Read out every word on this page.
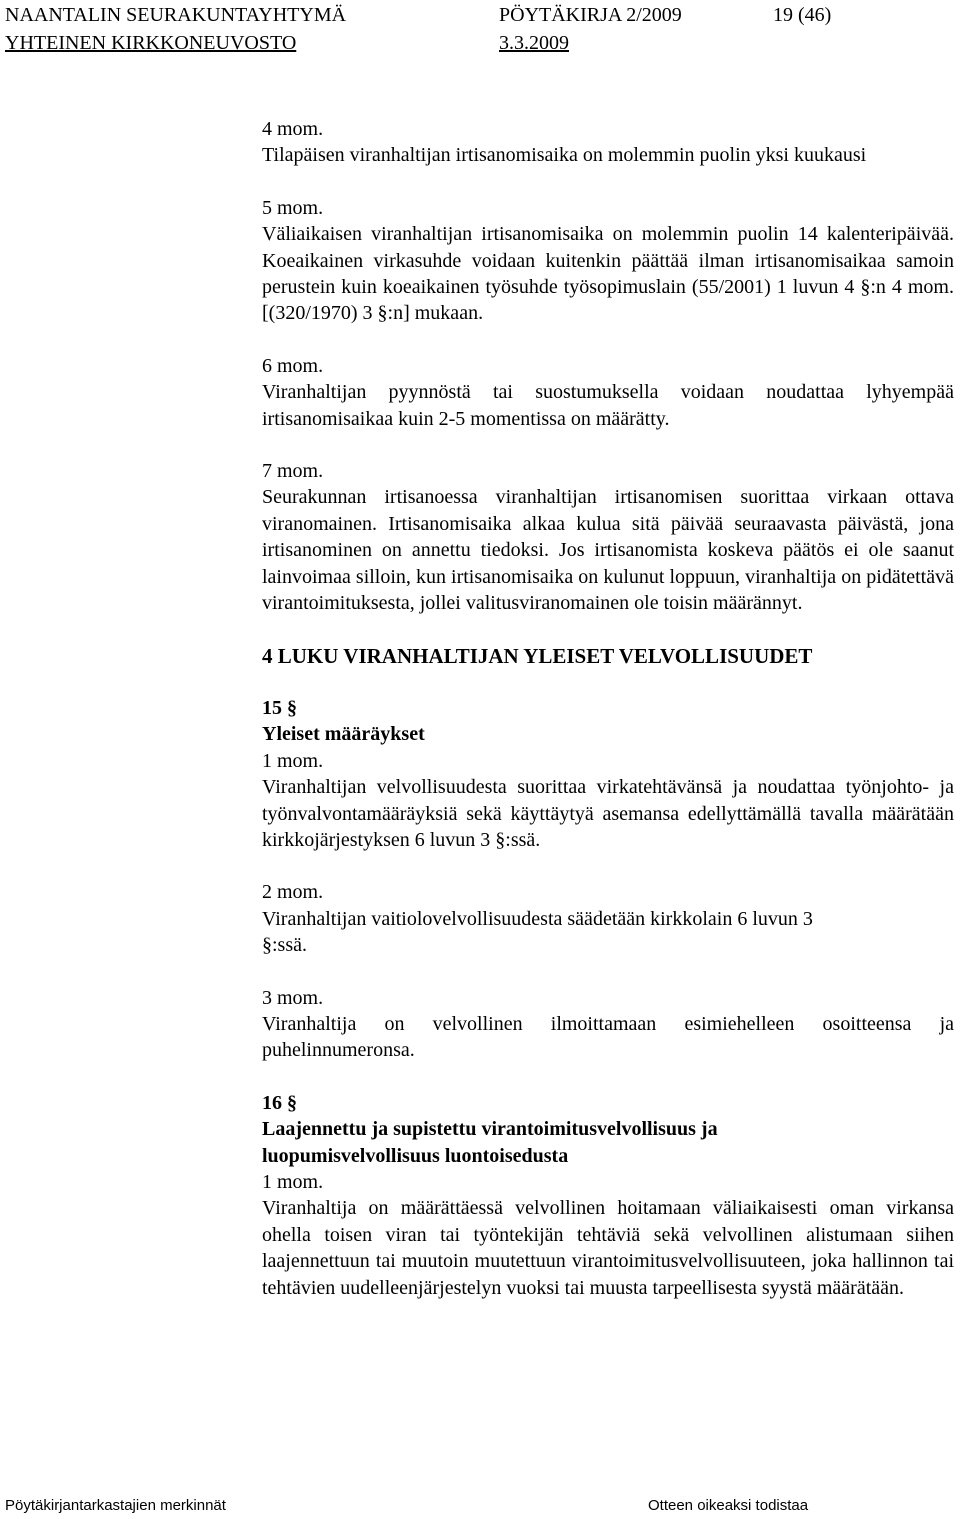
NAANTALIN SEURAKUNTAYHTYMÄ	PÖYTÄKIRJA 2/2009	19 (46)
YHTEINEN KIRKKONEUVOSTO	3.3.2009

4 mom.

Tilapäisen viranhaltijan irtisanomisaika on molemmin puolin yksi kuukausi

5 mom.

Väliaikaisen viranhaltijan irtisanomisaika on molemmin puolin 14 kalenteripäivää. Koeaikainen virkasuhde voidaan kuitenkin päättää ilman irtisanomisaikaa samoin perustein kuin koeaikainen työsuhde työsopimuslain (55/2001) 1 luvun 4 §:n 4 mom. [(320/1970) 3 §:n] mukaan.

6 mom.

Viranhaltijan pyynnöstä tai suostumuksella voidaan noudattaa lyhyempää irtisanomisaikaa kuin 2-5 momentissa on määrätty.

7 mom.

Seurakunnan irtisanoessa viranhaltijan irtisanomisen suorittaa virkaan ottava viranomainen. Irtisanomisaika alkaa kulua sitä päivää seuraavasta päivästä, jona irtisanominen on annettu tiedoksi. Jos irtisanomista koskeva päätös ei ole saanut lainvoimaa silloin, kun irtisanomisaika on kulunut loppuun, viranhaltija on pidätettävä virantoimituksesta, jollei valitusviranomainen ole toisin määrännyt.

4 LUKU VIRANHALTIJAN YLEISET VELVOLLISUUDET

15 §

Yleiset määräykset

1 mom.

Viranhaltijan velvollisuudesta suorittaa virkatehtävänsä ja noudattaa työnjohto- ja työnvalvontamääräyksiä sekä käyttäytyä asemansa edellyttämällä tavalla määrätään kirkkojärjestyksen 6 luvun 3 §:ssä.

2 mom.

Viranhaltijan vaitiolovelvollisuudesta säädetään kirkkolain 6 luvun 3 §:ssä.

3 mom.

Viranhaltija on velvollinen ilmoittamaan esimiehelleen osoitteensa ja puhelinnumeronsa.

16 §

Laajennettu ja supistettu virantoimitusvelvollisuus ja luopumisvelvollisuus luontoisedusta

1 mom.

Viranhaltija on määrättäessä velvollinen hoitamaan väliaikaisesti oman virkansa ohella toisen viran tai työntekijän tehtäviä sekä velvollinen alistumaan siihen laajennettuun tai muutoin muutettuun virantoimitusvelvollisuuteen, joka hallinnon tai tehtävien uudelleenjärjestelyn vuoksi tai muusta tarpeellisesta syystä määrätään.

Pöytäkirjantarkastajien merkinnät	Otteen oikeaksi todistaa
